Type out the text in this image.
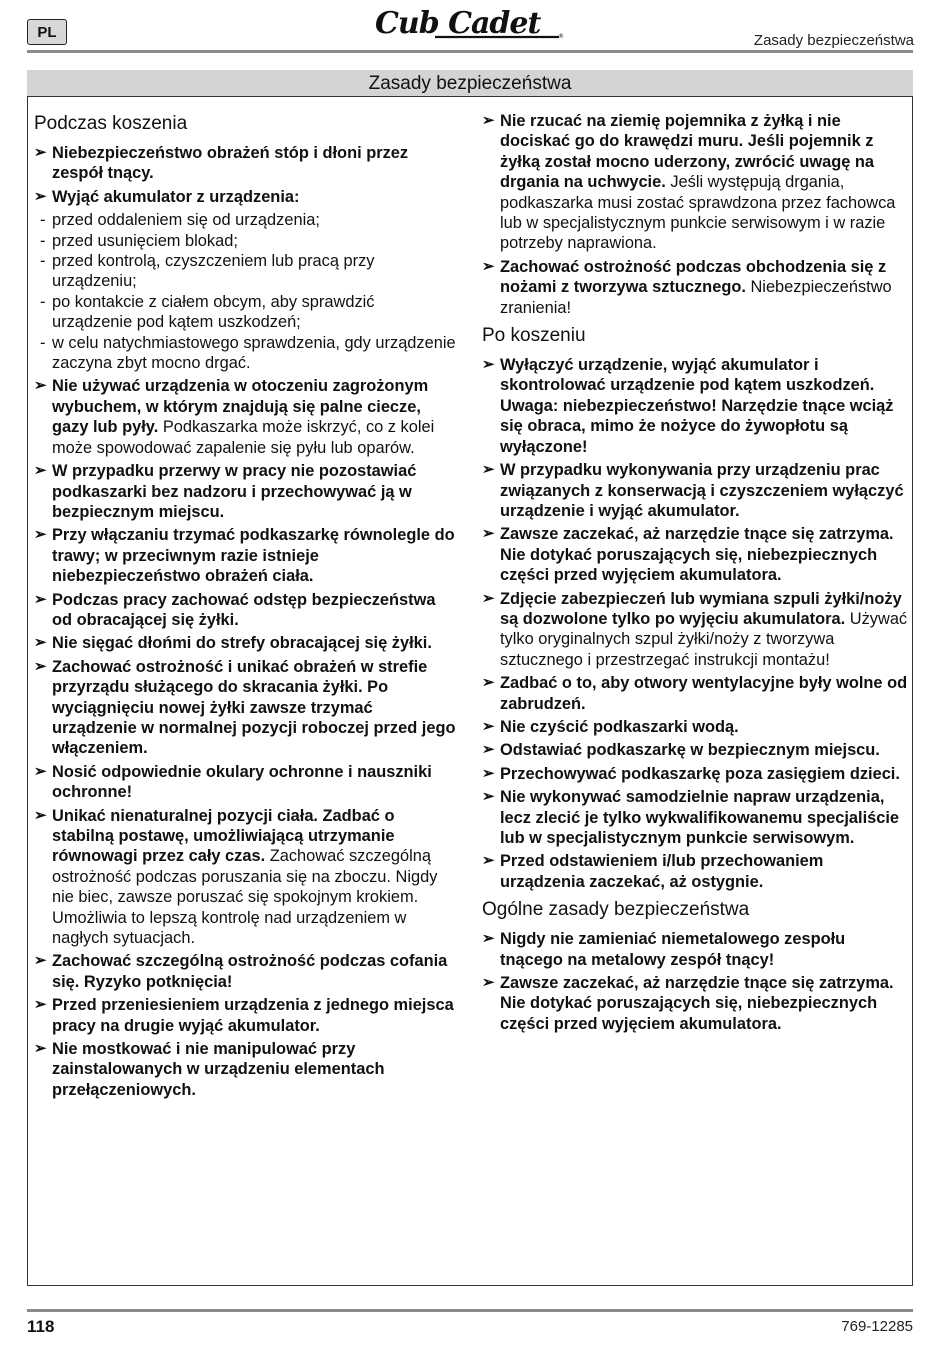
PL	Cub Cadet	®	Zasady bezpieczeństwa
Zasady bezpieczeństwa
Podczas koszenia
➢ Niebezpieczeństwo obrażeń stóp i dłoni przez zespół tnący.
➢ Wyjąć akumulator z urządzenia:
- przed oddaleniem się od urządzenia;
- przed usunięciem blokad;
- przed kontrolą, czyszczeniem lub pracą przy urządzeniu;
- po kontakcie z ciałem obcym, aby sprawdzić urządzenie pod kątem uszkodzeń;
- w celu natychmiastowego sprawdzenia, gdy urządzenie zaczyna zbyt mocno drgać.
➢ Nie używać urządzenia w otoczeniu zagrożonym wybuchem, w którym znajdują się palne ciecze, gazy lub pyły. Podkaszarka może iskrzyć, co z kolei może spowodować zapalenie się pyłu lub oparów.
➢ W przypadku przerwy w pracy nie pozostawiać podkaszarki bez nadzoru i przechowywać ją w bezpiecznym miejscu.
➢ Przy włączaniu trzymać podkaszarkę równolegle do trawy; w przeciwnym razie istnieje niebezpieczeństwo obrażeń ciała.
➢ Podczas pracy zachować odstęp bezpieczeństwa od obracającej się żyłki.
➢ Nie sięgać dłońmi do strefy obracającej się żyłki.
➢ Zachować ostrożność i unikać obrażeń w strefie przyrządu służącego do skracania żyłki. Po wyciągnięciu nowej żyłki zawsze trzymać urządzenie w normalnej pozycji roboczej przed jego włączeniem.
➢ Nosić odpowiednie okulary ochronne i nauszniki ochronne!
➢ Unikać nienaturalnej pozycji ciała. Zadbać o stabilną postawę, umożliwiającą utrzymanie równowagi przez cały czas. Zachować szczególną ostrożność podczas poruszania się na zboczu. Nigdy nie biec, zawsze poruszać się spokojnym krokiem. Umożliwia to lepszą kontrolę nad urządzeniem w nagłych sytuacjach.
➢ Zachować szczególną ostrożność podczas cofania się. Ryzyko potknięcia!
➢ Przed przeniesieniem urządzenia z jednego miejsca pracy na drugie wyjąć akumulator.
➢ Nie mostkować i nie manipulować przy zainstalowanych w urządzeniu elementach przełączeniowych.
➢ Nie rzucać na ziemię pojemnika z żyłką i nie dociskać go do krawędzi muru. Jeśli pojemnik z żyłką został mocno uderzony, zwrócić uwagę na drgania na uchwycie. Jeśli występują drgania, podkaszarka musi zostać sprawdzona przez fachowca lub w specjalistycznym punkcie serwisowym i w razie potrzeby naprawiona.
➢ Zachować ostrożność podczas obchodzenia się z nożami z tworzywa sztucznego. Niebezpieczeństwo zranienia!
Po koszeniu
➢ Wyłączyć urządzenie, wyjąć akumulator i skontrolować urządzenie pod kątem uszkodzeń. Uwaga: niebezpieczeństwo! Narzędzie tnące wciąż się obraca, mimo że nożyce do żywopłotu są wyłączone!
➢ W przypadku wykonywania przy urządzeniu prac związanych z konserwacją i czyszczeniem wyłączyć urządzenie i wyjąć akumulator.
➢ Zawsze zaczekać, aż narzędzie tnące się zatrzyma. Nie dotykać poruszających się, niebezpiecznych części przed wyjęciem akumulatora.
➢ Zdjęcie zabezpieczeń lub wymiana szpuli żyłki/noży są dozwolone tylko po wyjęciu akumulatora. Używać tylko oryginalnych szpul żyłki/noży z tworzywa sztucznego i przestrzegać instrukcji montażu!
➢ Zadbać o to, aby otwory wentylacyjne były wolne od zabrudzeń.
➢ Nie czyścić podkaszarki wodą.
➢ Odstawiać podkaszarkę w bezpiecznym miejscu.
➢ Przechowywać podkaszarkę poza zasięgiem dzieci.
➢ Nie wykonywać samodzielnie napraw urządzenia, lecz zlecić je tylko wykwalifikowanemu specjaliście lub w specjalistycznym punkcie serwisowym.
➢ Przed odstawieniem i/lub przechowaniem urządzenia zaczekać, aż ostygnie.
Ogólne zasady bezpieczeństwa
➢ Nigdy nie zamieniać niemetalowego zespołu tnącego na metalowy zespół tnący!
➢ Zawsze zaczekać, aż narzędzie tnące się zatrzyma. Nie dotykać poruszających się, niebezpiecznych części przed wyjęciem akumulatora.
118	769-12285
